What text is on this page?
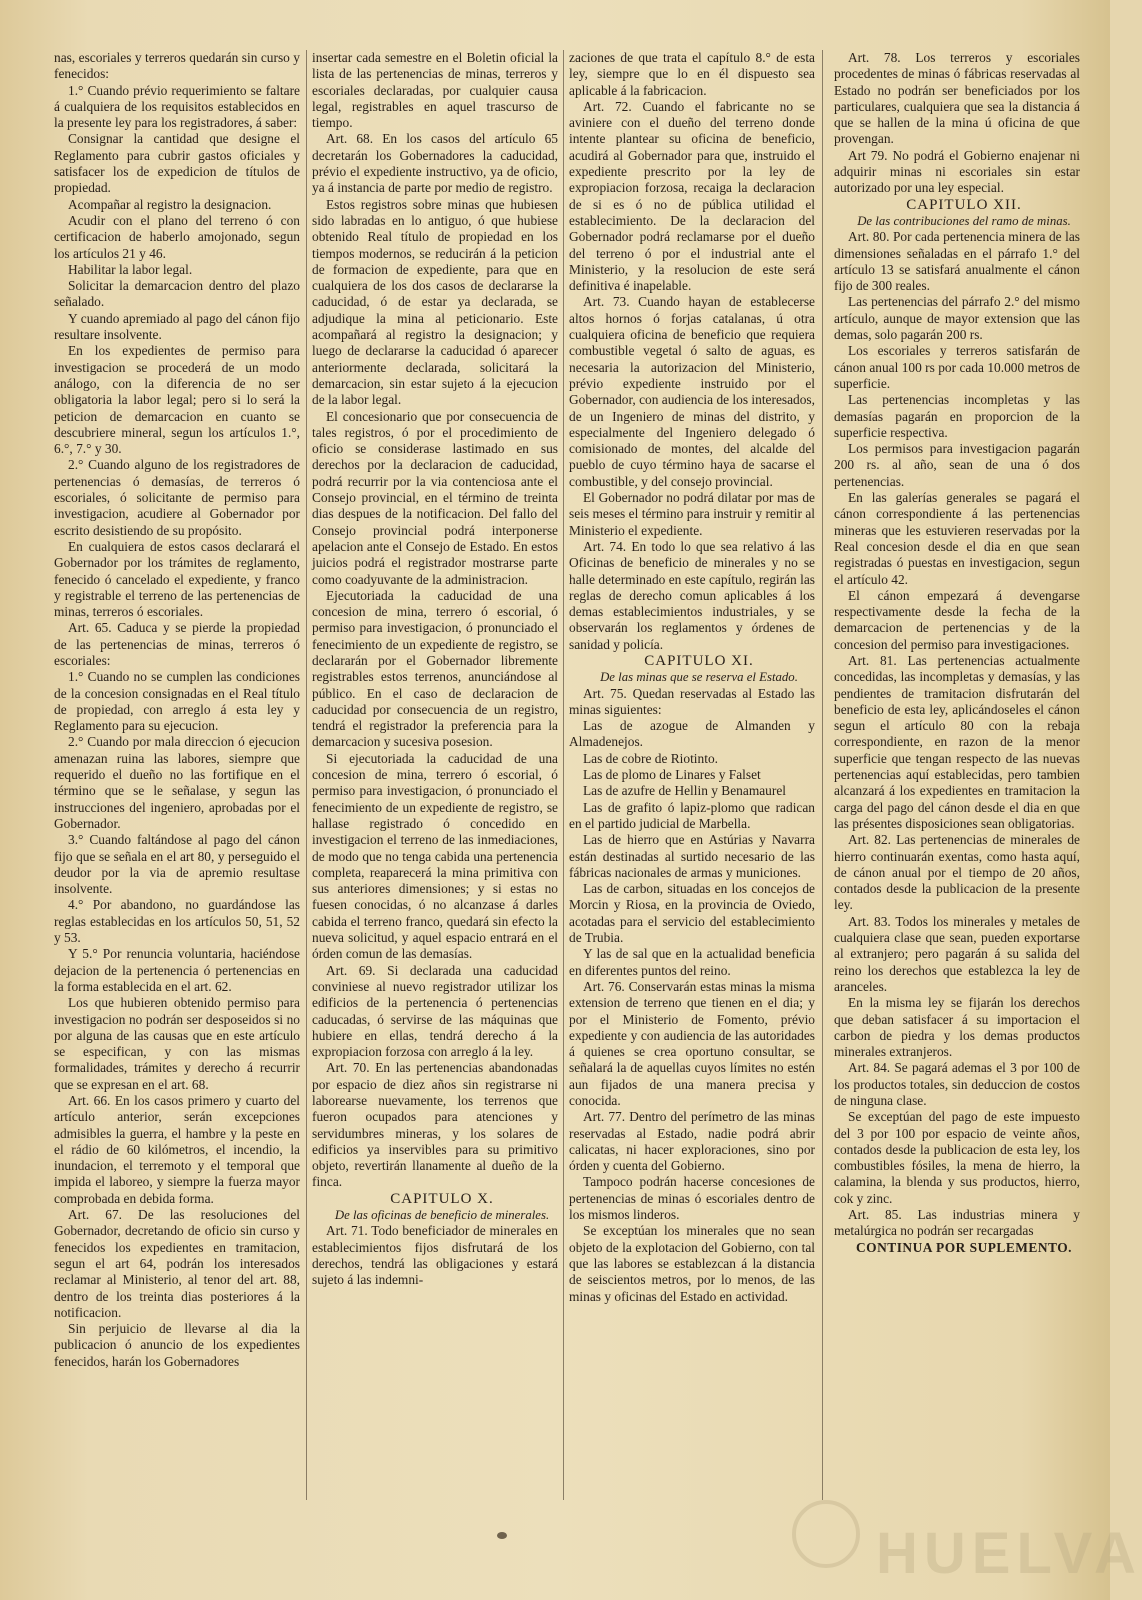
nas, escoriales y terreros quedarán sin curso y fenecidos:

1.° Cuando prévio requerimiento se faltare á cualquiera de los requisitos establecidos en la presente ley para los registradores, á saber:

Consignar la cantidad que designe el Reglamento para cubrir gastos oficiales y satisfacer los de expedicion de títulos de propiedad.

Acompañar al registro la designacion.

Acudir con el plano del terreno ó con certificacion de haberlo amojonado, segun los artículos 21 y 46.

Habilitar la labor legal.

Solicitar la demarcacion dentro del plazo señalado.

Y cuando apremiado al pago del cánon fijo resultare insolvente.

En los expedientes de permiso para investigacion se procederá de un modo análogo, con la diferencia de no ser obligatoria la labor legal; pero si lo será la peticion de demarcacion en cuanto se descubriere mineral, segun los artículos 1.°, 6.°, 7.° y 30.

2.° Cuando alguno de los registradores de pertenencias ó demasías, de terreros ó escoriales, ó solicitante de permiso para investigacion, acudiere al Gobernador por escrito desistiendo de su propósito.

En cualquiera de estos casos declarará el Gobernador por los trámites de reglamento, fenecido ó cancelado el expediente, y franco y registrable el terreno de las pertenencias de minas, terreros ó escoriales.

Art. 65. Caduca y se pierde la propiedad de las pertenencias de minas, terreros ó escoriales:

1.° Cuando no se cumplen las condiciones de la concesion consignadas en el Real título de propiedad, con arreglo á esta ley y Reglamento para su ejecucion.

2.° Cuando por mala direccion ó ejecucion amenazan ruina las labores, siempre que requerido el dueño no las fortifique en el término que se le señalase, y segun las instrucciones del ingeniero, aprobadas por el Gobernador.

3.° Cuando faltándose al pago del cánon fijo que se señala en el art 80, y perseguido el deudor por la via de apremio resultase insolvente.

4.° Por abandono, no guardándose las reglas establecidas en los artículos 50, 51, 52 y 53.

Y 5.° Por renuncia voluntaria, haciéndose dejacion de la pertenencia ó pertenencias en la forma establecida en el art. 62.

Los que hubieren obtenido permiso para investigacion no podrán ser desposeidos si no por alguna de las causas que en este artículo se especifican, y con las mismas formalidades, trámites y derecho á recurrir que se expresan en el art. 68.

Art. 66. En los casos primero y cuarto del artículo anterior, serán excepciones admisibles la guerra, el hambre y la peste en el rádio de 60 kilómetros, el incendio, la inundacion, el terremoto y el temporal que impida el laboreo, y siempre la fuerza mayor comprobada en debida forma.

Art. 67. De las resoluciones del Gobernador, decretando de oficio sin curso y fenecidos los expedientes en tramitacion, segun el art 64, podrán los interesados reclamar al Ministerio, al tenor del art. 88, dentro de los treinta dias posteriores á la notificacion.

Sin perjuicio de llevarse al dia la publicacion ó anuncio de los expedientes fenecidos, harán los Gobernadores

insertar cada semestre en el Boletin oficial la lista de las pertenencias de minas, terreros y escoriales declaradas, por cualquier causa legal, registrables en aquel trascurso de tiempo.

Art. 68. En los casos del artículo 65 decretarán los Gobernadores la caducidad, prévio el expediente instructivo, ya de oficio, ya á instancia de parte por medio de registro.

Estos registros sobre minas que hubiesen sido labradas en lo antiguo, ó que hubiese obtenido Real título de propiedad en los tiempos modernos, se reducirán á la peticion de formacion de expediente, para que en cualquiera de los dos casos de declararse la caducidad, ó de estar ya declarada, se adjudique la mina al peticionario. Este acompañará al registro la designacion; y luego de declararse la caducidad ó aparecer anteriormente declarada, solicitará la demarcacion, sin estar sujeto á la ejecucion de la labor legal.

El concesionario que por consecuencia de tales registros, ó por el procedimiento de oficio se considerase lastimado en sus derechos por la declaracion de caducidad, podrá recurrir por la via contenciosa ante el Consejo provincial, en el término de treinta dias despues de la notificacion. Del fallo del Consejo provincial podrá interponerse apelacion ante el Consejo de Estado. En estos juicios podrá el registrador mostrarse parte como coadyuvante de la administracion.

Ejecutoriada la caducidad de una concesion de mina, terrero ó escorial, ó permiso para investigacion, ó pronunciado el fenecimiento de un expediente de registro, se declararán por el Gobernador libremente registrables estos terrenos, anunciándose al público. En el caso de declaracion de caducidad por consecuencia de un registro, tendrá el registrador la preferencia para la demarcacion y sucesiva posesion.

Si ejecutoriada la caducidad de una concesion de mina, terrero ó escorial, ó permiso para investigacion, ó pronunciado el fenecimiento de un expediente de registro, se hallase registrado ó concedido en investigacion el terreno de las inmediaciones, de modo que no tenga cabida una pertenencia completa, reaparecerá la mina primitiva con sus anteriores dimensiones; y si estas no fuesen conocidas, ó no alcanzase á darles cabida el terreno franco, quedará sin efecto la nueva solicitud, y aquel espacio entrará en el órden comun de las demasías.

Art. 69. Si declarada una caducidad conviniese al nuevo registrador utilizar los edificios de la pertenencia ó pertenencias caducadas, ó servirse de las máquinas que hubiere en ellas, tendrá derecho á la expropiacion forzosa con arreglo á la ley.

Art. 70. En las pertenencias abandonadas por espacio de diez años sin registrarse ni laborearse nuevamente, los terrenos que fueron ocupados para atenciones y servidumbres mineras, y los solares de edificios ya inservibles para su primitivo objeto, revertirán llanamente al dueño de la finca.

CAPITULO X.

De las oficinas de beneficio de minerales.

Art. 71. Todo beneficiador de minerales en establecimientos fijos disfrutará de los derechos, tendrá las obligaciones y estará sujeto á las indemni-

zaciones de que trata el capítulo 8.° de esta ley, siempre que lo en él dispuesto sea aplicable á la fabricacion.

Art. 72. Cuando el fabricante no se aviniere con el dueño del terreno donde intente plantear su oficina de beneficio, acudirá al Gobernador para que, instruido el expediente prescrito por la ley de expropiacion forzosa, recaiga la declaracion de si es ó no de pública utilidad el establecimiento. De la declaracion del Gobernador podrá reclamarse por el dueño del terreno ó por el industrial ante el Ministerio, y la resolucion de este será definitiva é inapelable.

Art. 73. Cuando hayan de establecerse altos hornos ó forjas catalanas, ú otra cualquiera oficina de beneficio que requiera combustible vegetal ó salto de aguas, es necesaria la autorizacion del Ministerio, prévio expediente instruido por el Gobernador, con audiencia de los interesados, de un Ingeniero de minas del distrito, y especialmente del Ingeniero delegado ó comisionado de montes, del alcalde del pueblo de cuyo término haya de sacarse el combustible, y del consejo provincial.

El Gobernador no podrá dilatar por mas de seis meses el término para instruir y remitir al Ministerio el expediente.

Art. 74. En todo lo que sea relativo á las Oficinas de beneficio de minerales y no se halle determinado en este capítulo, regirán las reglas de derecho comun aplicables á los demas establecimientos industriales, y se observarán los reglamentos y órdenes de sanidad y policía.

CAPITULO XI.

De las minas que se reserva el Estado.

Art. 75. Quedan reservadas al Estado las minas siguientes:

Las de azogue de Almanden y Almadenejos.

Las de cobre de Riotinto.

Las de plomo de Linares y Falset

Las de azufre de Hellin y Benamaurel

Las de grafito ó lapiz-plomo que radican en el partido judicial de Marbella.

Las de hierro que en Astúrias y Navarra están destinadas al surtido necesario de las fábricas nacionales de armas y municiones.

Las de carbon, situadas en los concejos de Morcin y Riosa, en la provincia de Oviedo, acotadas para el servicio del establecimiento de Trubia.

Y las de sal que en la actualidad beneficia en diferentes puntos del reino.

Art. 76. Conservarán estas minas la misma extension de terreno que tienen en el dia; y por el Ministerio de Fomento, prévio expediente y con audiencia de las autoridades á quienes se crea oportuno consultar, se señalará la de aquellas cuyos límites no estén aun fijados de una manera precisa y conocida.

Art. 77. Dentro del perímetro de las minas reservadas al Estado, nadie podrá abrir calicatas, ni hacer exploraciones, sino por órden y cuenta del Gobierno.

Tampoco podrán hacerse concesiones de pertenencias de minas ó escoriales dentro de los mismos linderos.

Se exceptúan los minerales que no sean objeto de la explotacion del Gobierno, con tal que las labores se establezcan á la distancia de seiscientos metros, por lo menos, de las minas y oficinas del Estado en actividad.

Art. 78. Los terreros y escoriales procedentes de minas ó fábricas reservadas al Estado no podrán ser beneficiados por los particulares, cualquiera que sea la distancia á que se hallen de la mina ú oficina de que provengan.

Art 79. No podrá el Gobierno enajenar ni adquirir minas ni escoriales sin estar autorizado por una ley especial.

CAPITULO XII.

De las contribuciones del ramo de minas.

Art. 80. Por cada pertenencia minera de las dimensiones señaladas en el párrafo 1.° del artículo 13 se satisfará anualmente el cánon fijo de 300 reales.

Las pertenencias del párrafo 2.° del mismo artículo, aunque de mayor extension que las demas, solo pagarán 200 rs.

Los escoriales y terreros satisfarán de cánon anual 100 rs por cada 10.000 metros de superficie.

Las pertenencias incompletas y las demasías pagarán en proporcion de la superficie respectiva.

Los permisos para investigacion pagarán 200 rs. al año, sean de una ó dos pertenencias.

En las galerías generales se pagará el cánon correspondiente á las pertenencias mineras que les estuvieren reservadas por la Real concesion desde el dia en que sean registradas ó puestas en investigacion, segun el artículo 42.

El cánon empezará á devengarse respectivamente desde la fecha de la demarcacion de pertenencias y de la concesion del permiso para investigaciones.

Art. 81. Las pertenencias actualmente concedidas, las incompletas y demasías, y las pendientes de tramitacion disfrutarán del beneficio de esta ley, aplicándoseles el cánon segun el artículo 80 con la rebaja correspondiente, en razon de la menor superficie que tengan respecto de las nuevas pertenencias aquí establecidas, pero tambien alcanzará á los expedientes en tramitacion la carga del pago del cánon desde el dia en que las présentes disposiciones sean obligatorias.

Art. 82. Las pertenencias de minerales de hierro continuarán exentas, como hasta aquí, de cánon anual por el tiempo de 20 años, contados desde la publicacion de la presente ley.

Art. 83. Todos los minerales y metales de cualquiera clase que sean, pueden exportarse al extranjero; pero pagarán á su salida del reino los derechos que establezca la ley de aranceles.

En la misma ley se fijarán los derechos que deban satisfacer á su importacion el carbon de piedra y los demas productos minerales extranjeros.

Art. 84. Se pagará ademas el 3 por 100 de los productos totales, sin deduccion de costos de ninguna clase.

Se exceptúan del pago de este impuesto del 3 por 100 por espacio de veinte años, contados desde la publicacion de esta ley, los combustibles fósiles, la mena de hierro, la calamina, la blenda y sus productos, hierro, cok y zinc.

Art. 85. Las industrias minera y metalúrgica no podrán ser recargadas

CONTINUA POR SUPLEMENTO.

HUELVA
